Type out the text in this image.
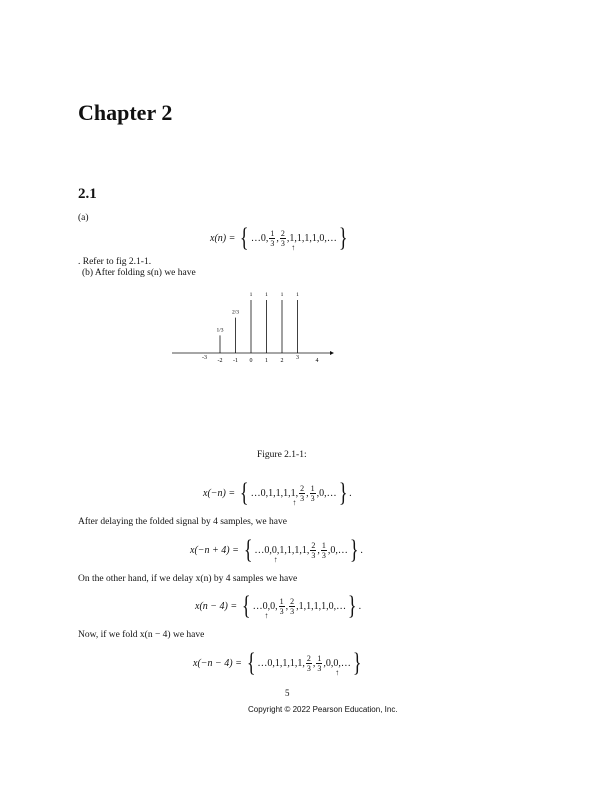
Chapter 2
2.1
(a)
x(n) = { … 0, $\frac{1}{3}$ , $\frac{2}{3}$ , 1,
↑
1, 1, 1, 0, … }
. Refer to fig 2.1-1.
(b) After folding s(n) we have
1/3
2/3
1 1 1 1
-3 -2 -1 0 1 2 3	4
Figure 2.1-1:
x(−n) = { … 0, 1, 1, 1, 1,
↑ $\frac{2}{3}$ , $\frac{1}{3}$ , 0, … } .
After delaying the folded signal by 4 samples, we have
x(−n + 4) = { … 0, 0,
↑
1, 1, 1, 1, $\frac{2}{3}$ , $\frac{1}{3}$ , 0, … } .
On the other hand, if we delay x(n) by 4 samples we have
x(n − 4) = { … 0,
↑
0, $\frac{1}{3}$ , $\frac{2}{3}$ , 1, 1, 1, 1, 0, … } .
Now, if we fold x(n − 4) we have
x(−n − 4) = { … 0, 1, 1, 1, 1, $\frac{2}{3}$ , $\frac{1}{3}$ , 0, 0,
↑
… }
5
Copyright © 2022 Pearson Education, Inc.
